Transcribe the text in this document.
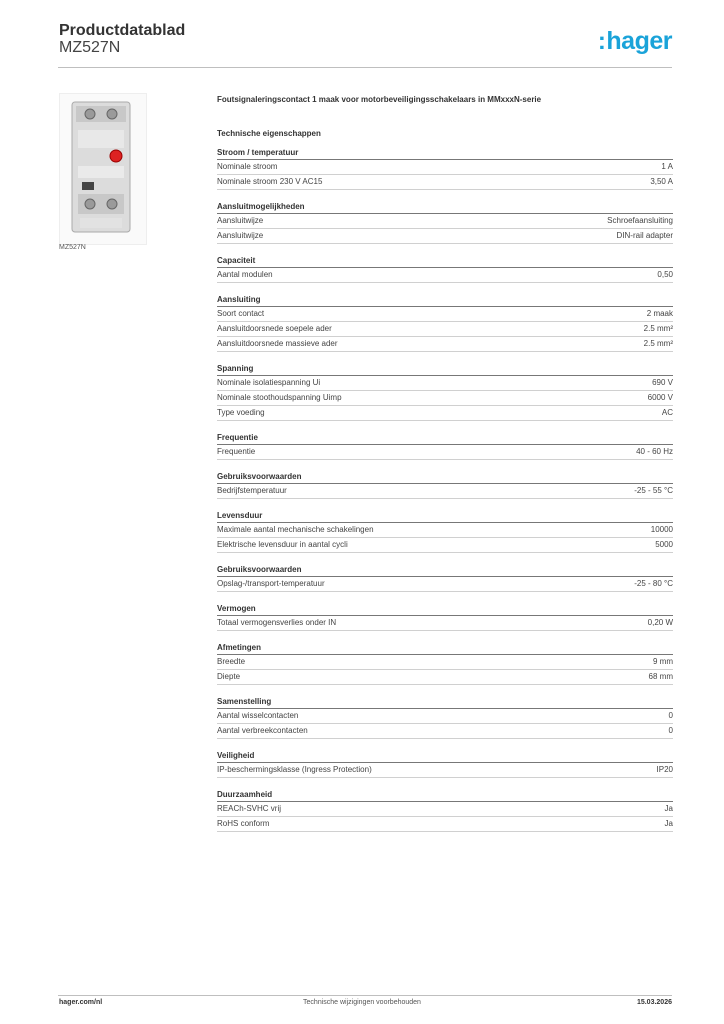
Productdatablad
MZ527N	:hager
MZ527N
Foutsignaleringscontact 1 maak voor motorbeveiligingsschakelaars in MMxxxN-serie
Technische eigenschappen
Stroom / temperatuur
Nominale stroom	1 A
Nominale stroom 230 V AC15	3,50 A
Aansluitmogelijkheden
Aansluitwijze	Schroefaansluiting
Aansluitwijze	DIN-rail adapter
Capaciteit
Aantal modulen	0,50
Aansluiting
Soort contact	2 maak
Aansluitdoorsnede soepele ader	2.5 mm²
Aansluitdoorsnede massieve ader	2.5 mm²
Spanning
Nominale isolatiespanning Ui	690 V
Nominale stoothoudspanning Uimp	6000 V
Type voeding	AC
Frequentie
Frequentie	40 - 60 Hz
Gebruiksvoorwaarden
Bedrijfstemperatuur	-25 - 55 °C
Levensduur
Maximale aantal mechanische schakelingen	10000
Elektrische levensduur in aantal cycli	5000
Gebruiksvoorwaarden
Opslag-/transport-temperatuur	-25 - 80 °C
Vermogen
Totaal vermogensverlies onder IN	0,20 W
Afmetingen
Breedte	9 mm
Diepte	68 mm
Samenstelling
Aantal wisselcontacten	0
Aantal verbreekcontacten	0
Veiligheid
IP-beschermingsklasse (Ingress Protection)	IP20
Duurzaamheid
REACh-SVHC vrij	Ja
RoHS conform	Ja
hager.com/nl	Technische wijzigingen voorbehouden	15.03.2026
